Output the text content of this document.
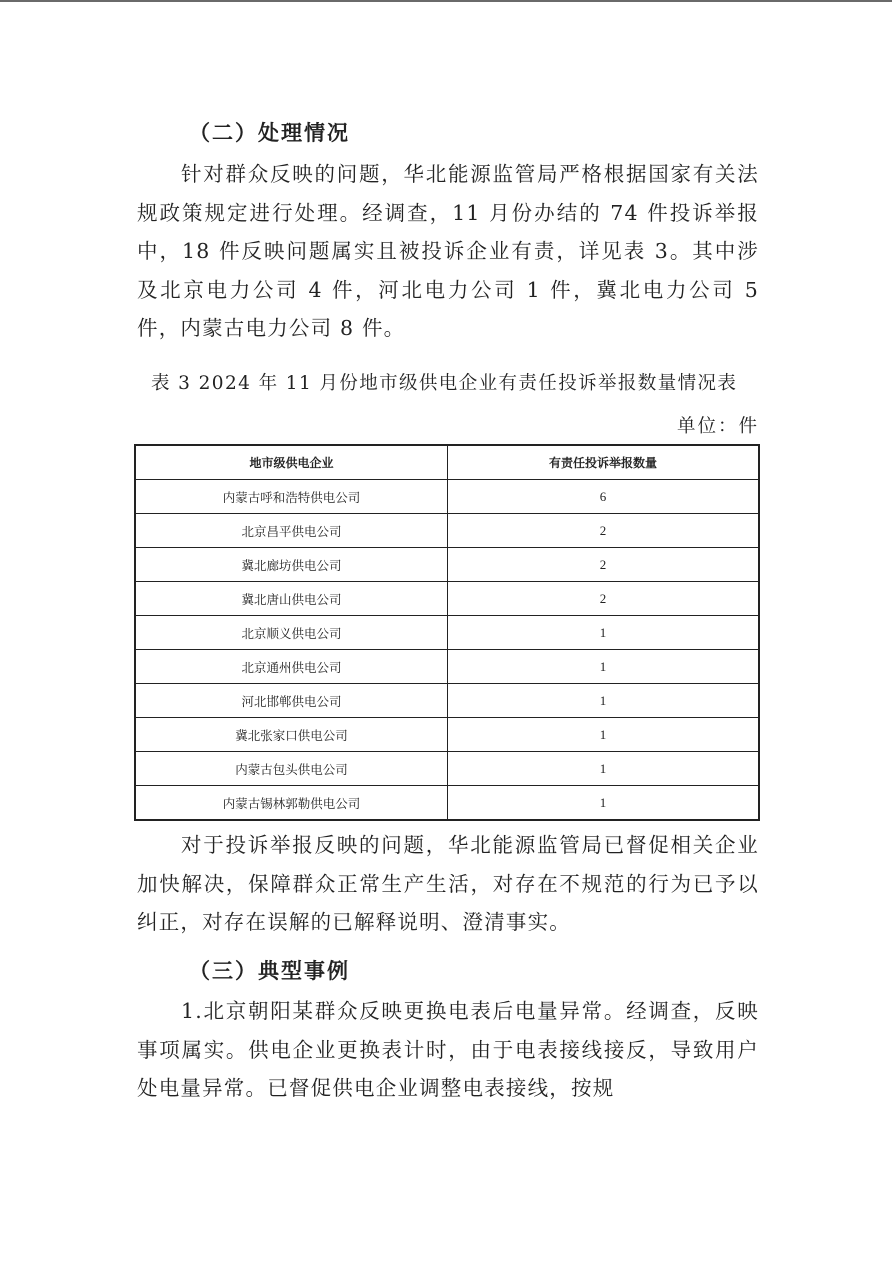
（二）处理情况
针对群众反映的问题，华北能源监管局严格根据国家有关法规政策规定进行处理。经调查，11 月份办结的 74 件投诉举报中，18 件反映问题属实且被投诉企业有责，详见表 3。其中涉及北京电力公司 4 件，河北电力公司 1 件，冀北电力公司 5 件，内蒙古电力公司 8 件。
表 3 2024 年 11 月份地市级供电企业有责任投诉举报数量情况表
单位：件
地市级供电企业	有责任投诉举报数量
内蒙古呼和浩特供电公司	6
北京昌平供电公司	2
冀北廊坊供电公司	2
冀北唐山供电公司	2
北京顺义供电公司	1
北京通州供电公司	1
河北邯郸供电公司	1
冀北张家口供电公司	1
内蒙古包头供电公司	1
内蒙古锡林郭勒供电公司	1
对于投诉举报反映的问题，华北能源监管局已督促相关企业加快解决，保障群众正常生产生活，对存在不规范的行为已予以纠正，对存在误解的已解释说明、澄清事实。
（三）典型事例
1.北京朝阳某群众反映更换电表后电量异常。经调查，反映事项属实。供电企业更换表计时，由于电表接线接反，导致用户处电量异常。已督促供电企业调整电表接线，按规
